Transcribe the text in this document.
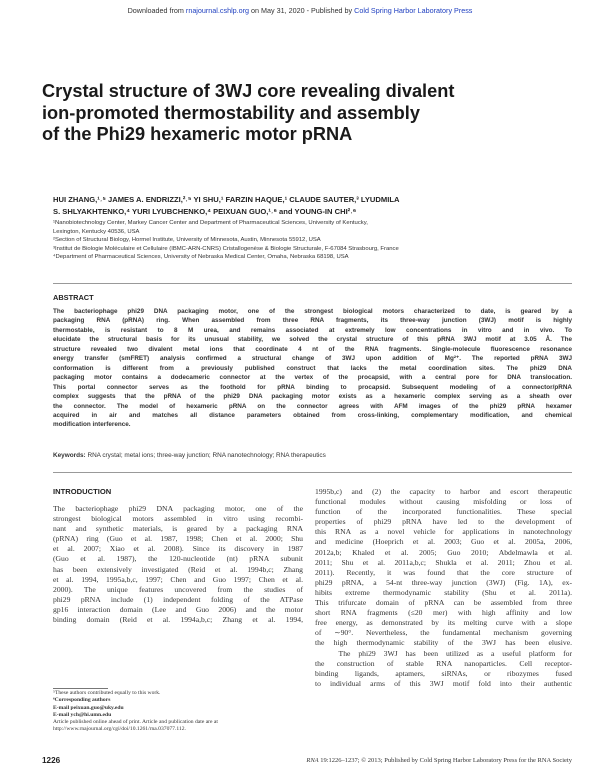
Downloaded from rnajournal.cshlp.org on May 31, 2020 - Published by Cold Spring Harbor Laboratory Press
Crystal structure of 3WJ core revealing divalent
ion-promoted thermostability and assembly
of the Phi29 hexameric motor pRNA
HUI ZHANG,¹˒⁵ JAMES A. ENDRIZZI,²˒⁵ YI SHU,¹ FARZIN HAQUE,¹ CLAUDE SAUTER,³ LYUDMILA
S. SHLYAKHTENKO,⁴ YURI LYUBCHENKO,⁴ PEIXUAN GUO,¹˒⁶ and YOUNG-IN CHI²˒⁶
¹Nanobiotechnology Center, Markey Cancer Center and Department of Pharmaceutical Sciences, University of Kentucky,
Lexington, Kentucky 40536, USA
²Section of Structural Biology, Hormel Institute, University of Minnesota, Austin, Minnesota 55912, USA
³Institut de Biologie Moléculaire et Cellulaire (IBMC-ARN-CNRS) Cristallogenèse & Biologie Structurale, F-67084 Strasbourg, France
⁴Department of Pharmaceutical Sciences, University of Nebraska Medical Center, Omaha, Nebraska 68198, USA
ABSTRACT
The bacteriophage phi29 DNA packaging motor, one of the strongest biological motors characterized to date, is geared by a
packaging RNA (pRNA) ring. When assembled from three RNA fragments, its three-way junction (3WJ) motif is highly
thermostable, is resistant to 8 M urea, and remains associated at extremely low concentrations in vitro and in vivo. To
elucidate the structural basis for its unusual stability, we solved the crystal structure of this pRNA 3WJ motif at 3.05 Å. The
structure revealed two divalent metal ions that coordinate 4 nt of the RNA fragments. Single-molecule fluorescence resonance
energy transfer (smFRET) analysis confirmed a structural change of 3WJ upon addition of Mg²⁺. The reported pRNA 3WJ
conformation is different from a previously published construct that lacks the metal coordination sites. The phi29 DNA
packaging motor contains a dodecameric connector at the vertex of the procapsid, with a central pore for DNA translocation.
This portal connector serves as the foothold for pRNA binding to procapsid. Subsequent modeling of a connector/pRNA
complex suggests that the pRNA of the phi29 DNA packaging motor exists as a hexameric complex serving as a sheath over
the connector. The model of hexameric pRNA on the connector agrees with AFM images of the phi29 pRNA hexamer
acquired in air and matches all distance parameters obtained from cross-linking, complementary modification, and chemical
modification interference.
Keywords: RNA crystal; metal ions; three-way junction; RNA nanotechnology; RNA therapeutics
INTRODUCTION
The bacteriophage phi29 DNA packaging motor, one of the
strongest biological motors assembled in vitro using recombi-
nant and synthetic materials, is geared by a packaging RNA
(pRNA) ring (Guo et al. 1987, 1998; Chen et al. 2000; Shu
et al. 2007; Xiao et al. 2008). Since its discovery in 1987
(Guo et al. 1987), the 120-nucleotide (nt) pRNA subunit
has been extensively investigated (Reid et al. 1994b,c; Zhang
et al. 1994, 1995a,b,c, 1997; Chen and Guo 1997; Chen et al.
2000). The unique features uncovered from the studies of
phi29 pRNA include (1) independent folding of the ATPase
gp16 interaction domain (Lee and Guo 2006) and the motor
binding domain (Reid et al. 1994a,b,c; Zhang et al. 1994,
1995b,c) and (2) the capacity to harbor and escort therapeutic
functional modules without causing misfolding or loss of
function of the incorporated functionalities. These special
properties of phi29 pRNA have led to the development of
this RNA as a novel vehicle for applications in nanotechnology
and medicine (Hoeprich et al. 2003; Guo et al. 2005a, 2006,
2012a,b; Khaled et al. 2005; Guo 2010; Abdelmawla et al.
2011; Shu et al. 2011a,b,c; Shukla et al. 2011; Zhou et al.
2011). Recently, it was found that the core structure of
phi29 pRNA, a 54-nt three-way junction (3WJ) (Fig. 1A), ex-
hibits extreme thermodynamic stability (Shu et al. 2011a).
This trifurcate domain of pRNA can be assembled from three
short RNA fragments (≤20 mer) with high affinity and low
free energy, as demonstrated by its melting curve with a slope
of ∼90°. Nevertheless, the fundamental mechanism governing
the high thermodynamic stability of the 3WJ has been elusive.
The phi29 3WJ has been utilized as a useful platform for
the construction of stable RNA nanoparticles. Cell receptor-
binding ligands, aptamers, siRNAs, or ribozymes fused
to individual arms of this 3WJ motif fold into their authentic
⁵These authors contributed equally to this work.
⁶Corresponding authors
E-mail peixuan.guo@uky.edu
E-mail ych@hi.umn.edu
Article published online ahead of print. Article and publication date are at
http://www.rnajournal.org/cgi/doi/10.1261/rna.037077.112.
1226	RNA 19:1226–1237; © 2013; Published by Cold Spring Harbor Laboratory Press for the RNA Society
